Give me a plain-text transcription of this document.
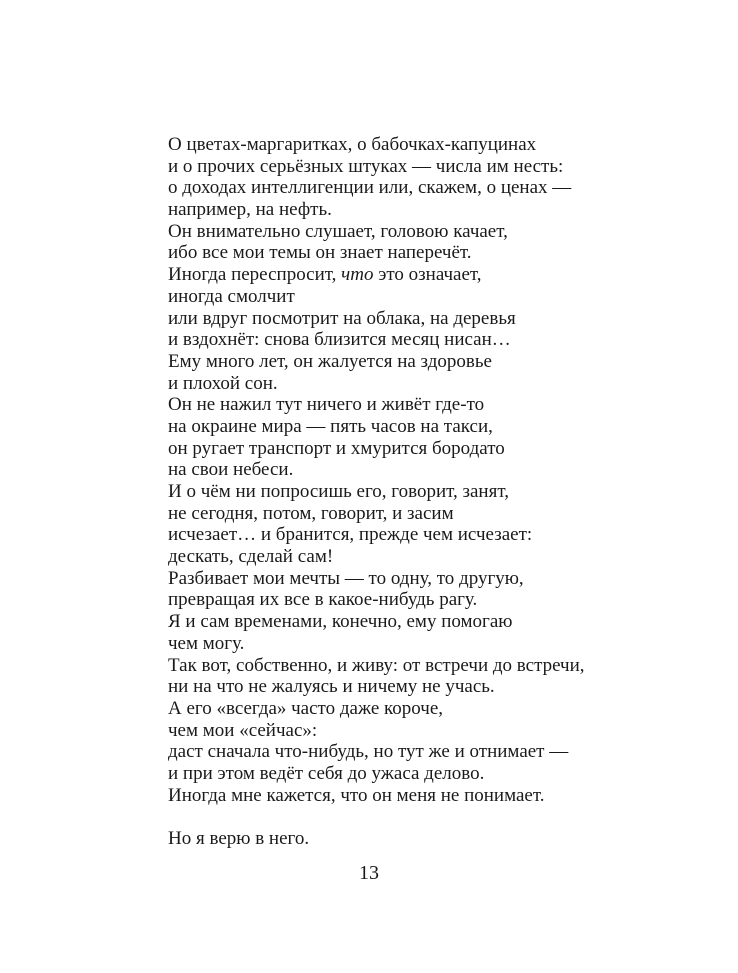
О цветах-маргаритках, о бабочках-капуцинах
и о прочих серьёзных штуках — числа им несть:
о доходах интеллигенции или, скажем, о ценах —
например, на нефть.
Он внимательно слушает, головою качает,
ибо все мои темы он знает наперечёт.
Иногда переспросит, что это означает,
иногда смолчит
или вдруг посмотрит на облака, на деревья
и вздохнёт: снова близится месяц нисан…
Ему много лет, он жалуется на здоровье
и плохой сон.
Он не нажил тут ничего и живёт где-то
на окраине мира — пять часов на такси,
он ругает транспорт и хмурится бородато
на свои небеси.
И о чём ни попросишь его, говорит, занят,
не сегодня, потом, говорит, и засим
исчезает… и бранится, прежде чем исчезает:
дескать, сделай сам!
Разбивает мои мечты — то одну, то другую,
превращая их все в какое-нибудь рагу.
Я и сам временами, конечно, ему помогаю
чем могу.
Так вот, собственно, и живу: от встречи до встречи,
ни на что не жалуясь и ничему не учась.
А его «всегда» часто даже короче,
чем мои «сейчас»:
даст сначала что-нибудь, но тут же и отнимает —
и при этом ведёт себя до ужаса делово.
Иногда мне кажется, что он меня не понимает.
Но я верю в него.
13
